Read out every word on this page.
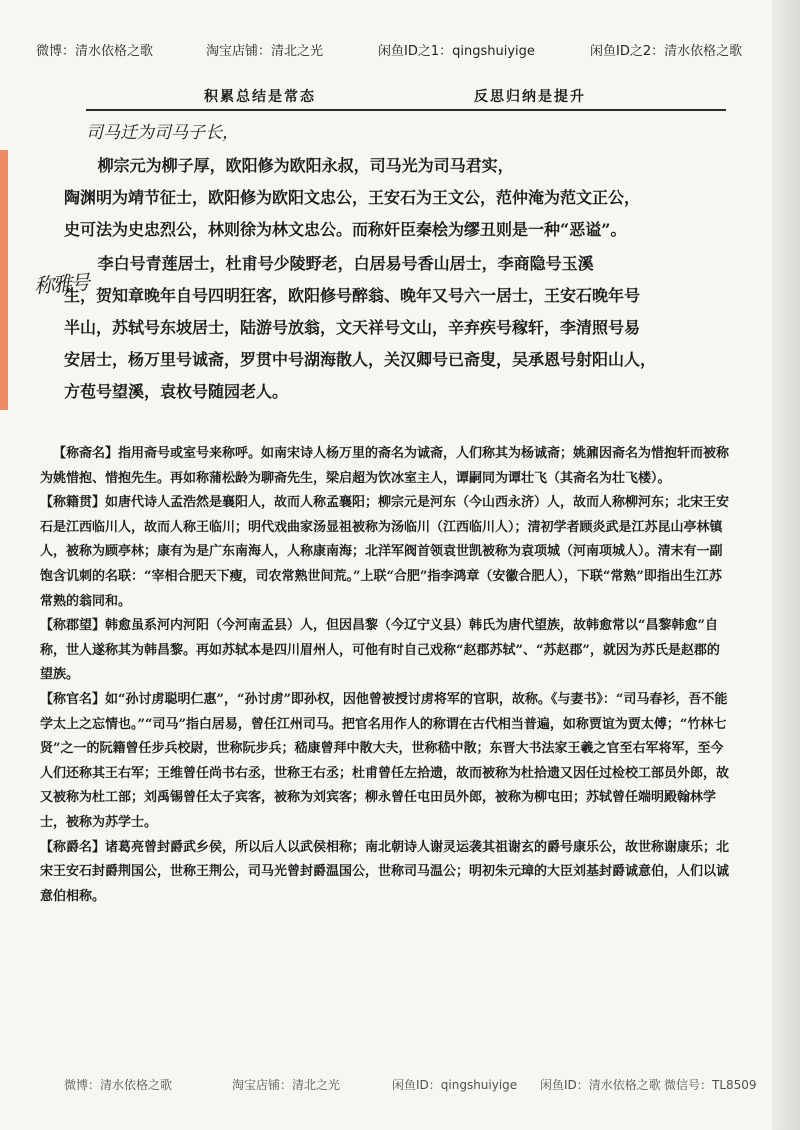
微博：清水依格之歌	淘宝店铺：清北之光	闲鱼ID之1：qingshuiyige	闲鱼ID之2：清水依格之歌
积累总结是常态	反思归纳是提升
司马迁为司马子长，
称雅号

柳宗元为柳子厚，欧阳修为欧阳永叔，司马光为司马君实，

陶渊明为靖节征士，欧阳修为欧阳文忠公，王安石为王文公，范仲淹为范文正公，

史可法为史忠烈公，林则徐为林文忠公。而称奸臣秦桧为缪丑则是一种“恶谥”。

李白号青莲居士，杜甫号少陵野老，白居易号香山居士，李商隐号玉溪

生，贺知章晚年自号四明狂客，欧阳修号醉翁、晚年又号六一居士，王安石晚年号

半山，苏轼号东坡居士，陆游号放翁，文天祥号文山，辛弃疾号稼轩，李清照号易

安居士，杨万里号诚斋，罗贯中号湖海散人，关汉卿号已斋叟，吴承恩号射阳山人，

方苞号望溪，袁枚号随园老人。

【称斋名】指用斋号或室号来称呼。如南宋诗人杨万里的斋名为诚斋，人们称其为杨诚斋；姚鼐因斋名为惜抱轩而被称为姚惜抱、惜抱先生。再如称蒲松龄为聊斋先生，梁启超为饮冰室主人，谭嗣同为谭壮飞（其斋名为壮飞楼）。

【称籍贯】如唐代诗人孟浩然是襄阳人，故而人称孟襄阳；柳宗元是河东（今山西永济）人，故而人称柳河东；北宋王安石是江西临川人，故而人称王临川；明代戏曲家汤显祖被称为汤临川（江西临川人）；清初学者顾炎武是江苏昆山亭林镇人，被称为顾亭林；康有为是广东南海人，人称康南海；北洋军阀首领袁世凯被称为袁项城（河南项城人）。清末有一副饱含讥刺的名联：“宰相合肥天下瘦，司农常熟世间荒。”上联“合肥”指李鸿章（安徽合肥人），下联“常熟”即指出生江苏常熟的翁同和。

【称郡望】韩愈虽系河内河阳（今河南孟县）人，但因昌黎（今辽宁义县）韩氏为唐代望族，故韩愈常以“昌黎韩愈”自称，世人遂称其为韩昌黎。再如苏轼本是四川眉州人，可他有时自己戏称“赵郡苏轼”、“苏赵郡”，就因为苏氏是赵郡的望族。

【称官名】如“孙讨虏聪明仁惠”，“孙讨虏”即孙权，因他曾被授讨虏将军的官职，故称。《与妻书》：“司马春衫，吾不能学太上之忘情也。”“司马”指白居易，曾任江州司马。把官名用作人的称谓在古代相当普遍，如称贾谊为贾太傅；“竹林七贤”之一的阮籍曾任步兵校尉，世称阮步兵；嵇康曾拜中散大夫，世称嵇中散；东晋大书法家王羲之官至右军将军，至今人们还称其王右军；王维曾任尚书右丞，世称王右丞；杜甫曾任左拾遗，故而被称为杜拾遗又因任过检校工部员外郎，故又被称为杜工部；刘禹锡曾任太子宾客，被称为刘宾客；柳永曾任屯田员外郎，被称为柳屯田；苏轼曾任端明殿翰林学士，被称为苏学士。

【称爵名】诸葛亮曾封爵武乡侯，所以后人以武侯相称；南北朝诗人谢灵运袭其祖谢玄的爵号康乐公，故世称谢康乐；北宋王安石封爵荆国公，世称王荆公，司马光曾封爵温国公，世称司马温公；明初朱元璋的大臣刘基封爵诚意伯，人们以诚意伯相称。

微博：清水依格之歌	淘宝店铺：清北之光	闲鱼ID：qingshuiyige 闲鱼ID：清水依格之歌 微信号：TL8509
